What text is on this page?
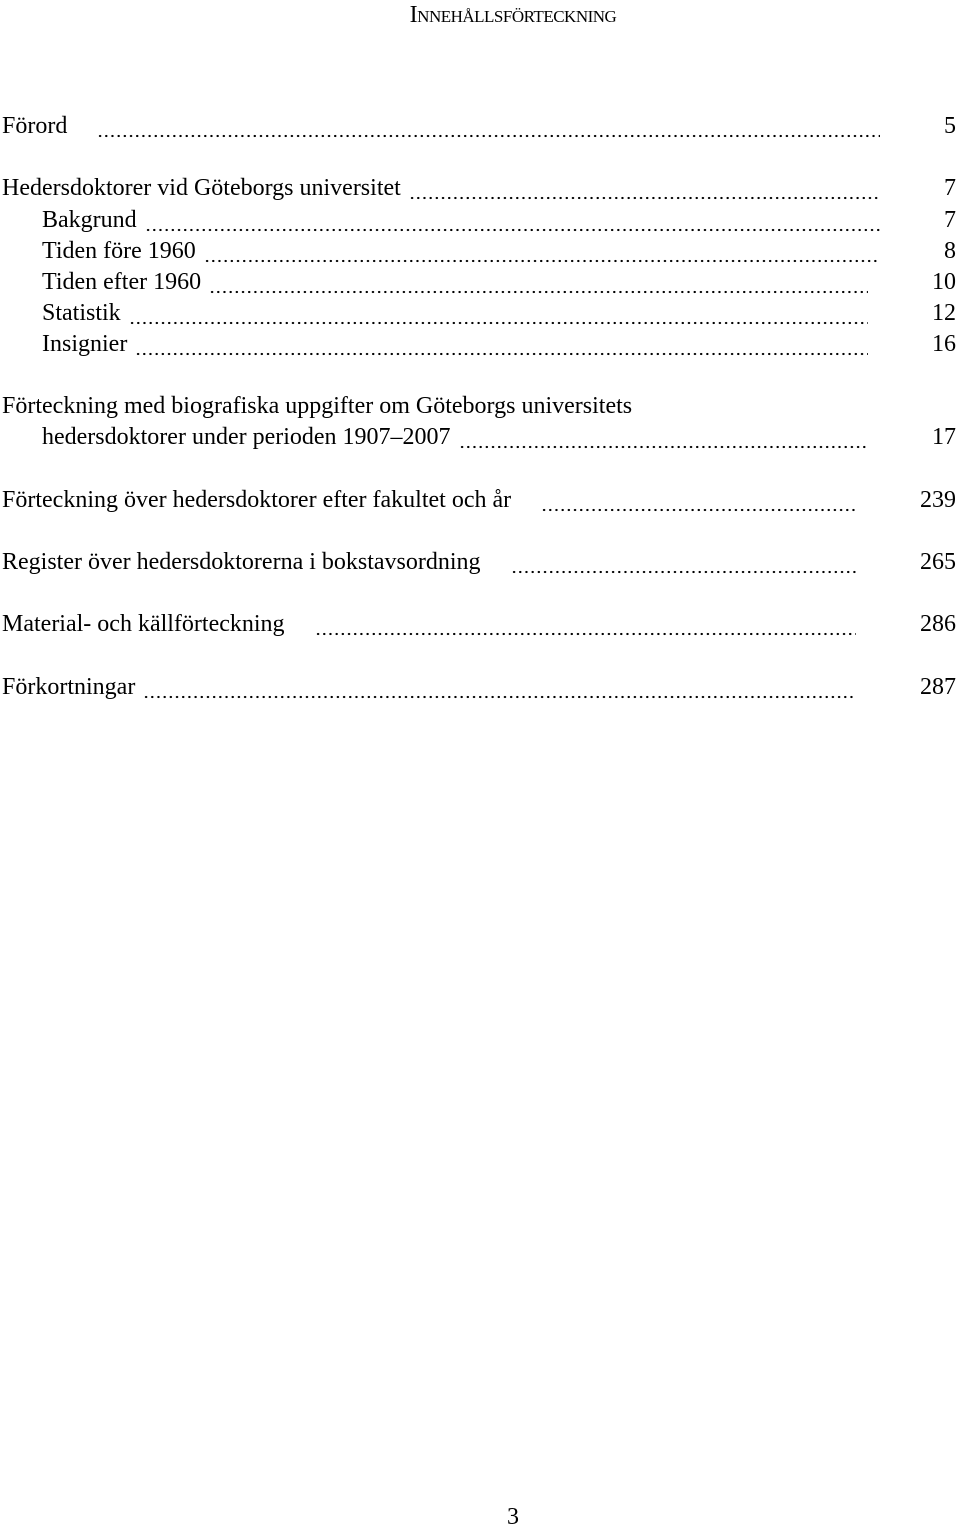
Innehållsförteckning
Förord	5
Hedersdoktorer vid Göteborgs universitet	7
Bakgrund	7
Tiden före 1960	8
Tiden efter 1960	10
Statistik	12
Insignier	16
Förteckning med biografiska uppgifter om Göteborgs universitets
hedersdoktorer under perioden 1907–2007	17
Förteckning över hedersdoktorer efter fakultet och år	239
Register över hedersdoktorerna i bokstavsordning	265
Material- och källförteckning	286
Förkortningar	287
3
